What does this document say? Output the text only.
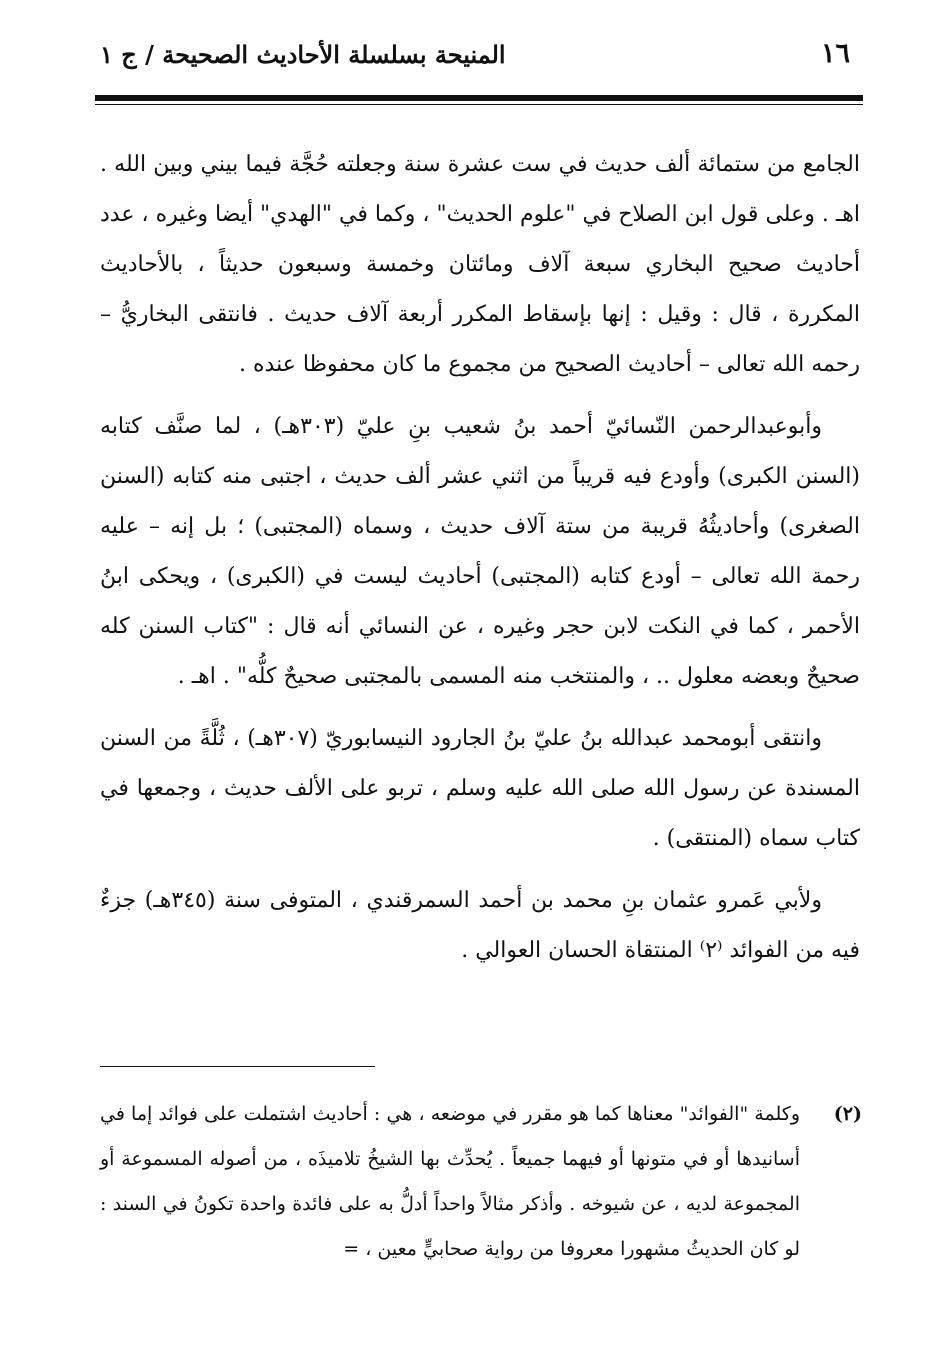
١٦
المنيحة بسلسلة الأحاديث الصحيحة / ج ١

الجامع من ستمائة ألف حديث في ست عشرة سنة وجعلته حُجَّة فيما بيني وبين الله . اهـ . وعلى قول ابن الصلاح في "علوم الحديث" ، وكما في "الهدي" أيضا وغيره ، عدد أحاديث صحيح البخاري سبعة آلاف ومائتان وخمسة وسبعون حديثاً ، بالأحاديث المكررة ، قال : وقيل : إنها بإسقاط المكرر أربعة آلاف حديث . فانتقى البخاريُّ – رحمه الله تعالى – أحاديث الصحيح من مجموع ما كان محفوظا عنده .

وأبوعبدالرحمن النّسائيّ أحمد بنُ شعيب بنِ عليّ (٣٠٣هـ) ، لما صنَّف كتابه (السنن الكبرى) وأودع فيه قريباً من اثني عشر ألف حديث ، اجتبى منه كتابه (السنن الصغرى) وأحاديثُهُ قريبة من ستة آلاف حديث ، وسماه (المجتبى) ؛ بل إنه – عليه رحمة الله تعالى – أودع كتابه (المجتبى) أحاديث ليست في (الكبرى) ، ويحكى ابنُ الأحمر ، كما في النكت لابن حجر وغيره ، عن النسائي أنه قال : "كتاب السنن كله صحيحٌ وبعضه معلول .. ، والمنتخب منه المسمى بالمجتبى صحيحٌ كلُّه" . اهـ .

وانتقى أبومحمد عبدالله بنُ عليّ بنُ الجارود النيسابوريّ (٣٠٧هـ) ، ثُلَّةً من السنن المسندة عن رسول الله صلى الله عليه وسلم ، تربو على الألف حديث ، وجمعها في كتاب سماه (المنتقى) .

ولأبي عَمرو عثمان بنِ محمد بن أحمد السمرقندي ، المتوفى سنة (٣٤٥هـ) جزءٌ فيه من الفوائد ⁽٢⁾ المنتقاة الحسان العوالي .

(٢)

وكلمة "الفوائد" معناها كما هو مقرر في موضعه ، هي : أحاديث اشتملت على فوائد إما في أسانيدها أو في متونها أو فيهما جميعاً . يُحدِّث بها الشيخُ تلاميذَه ، من أصوله المسموعة أو المجموعة لديه ، عن شيوخه . وأذكر مثالاً واحداً أدلُّ به على فائدة واحدة تكونُ في السند : لو كان الحديثُ مشهورا معروفا من رواية صحابيٍّ معين ، =
